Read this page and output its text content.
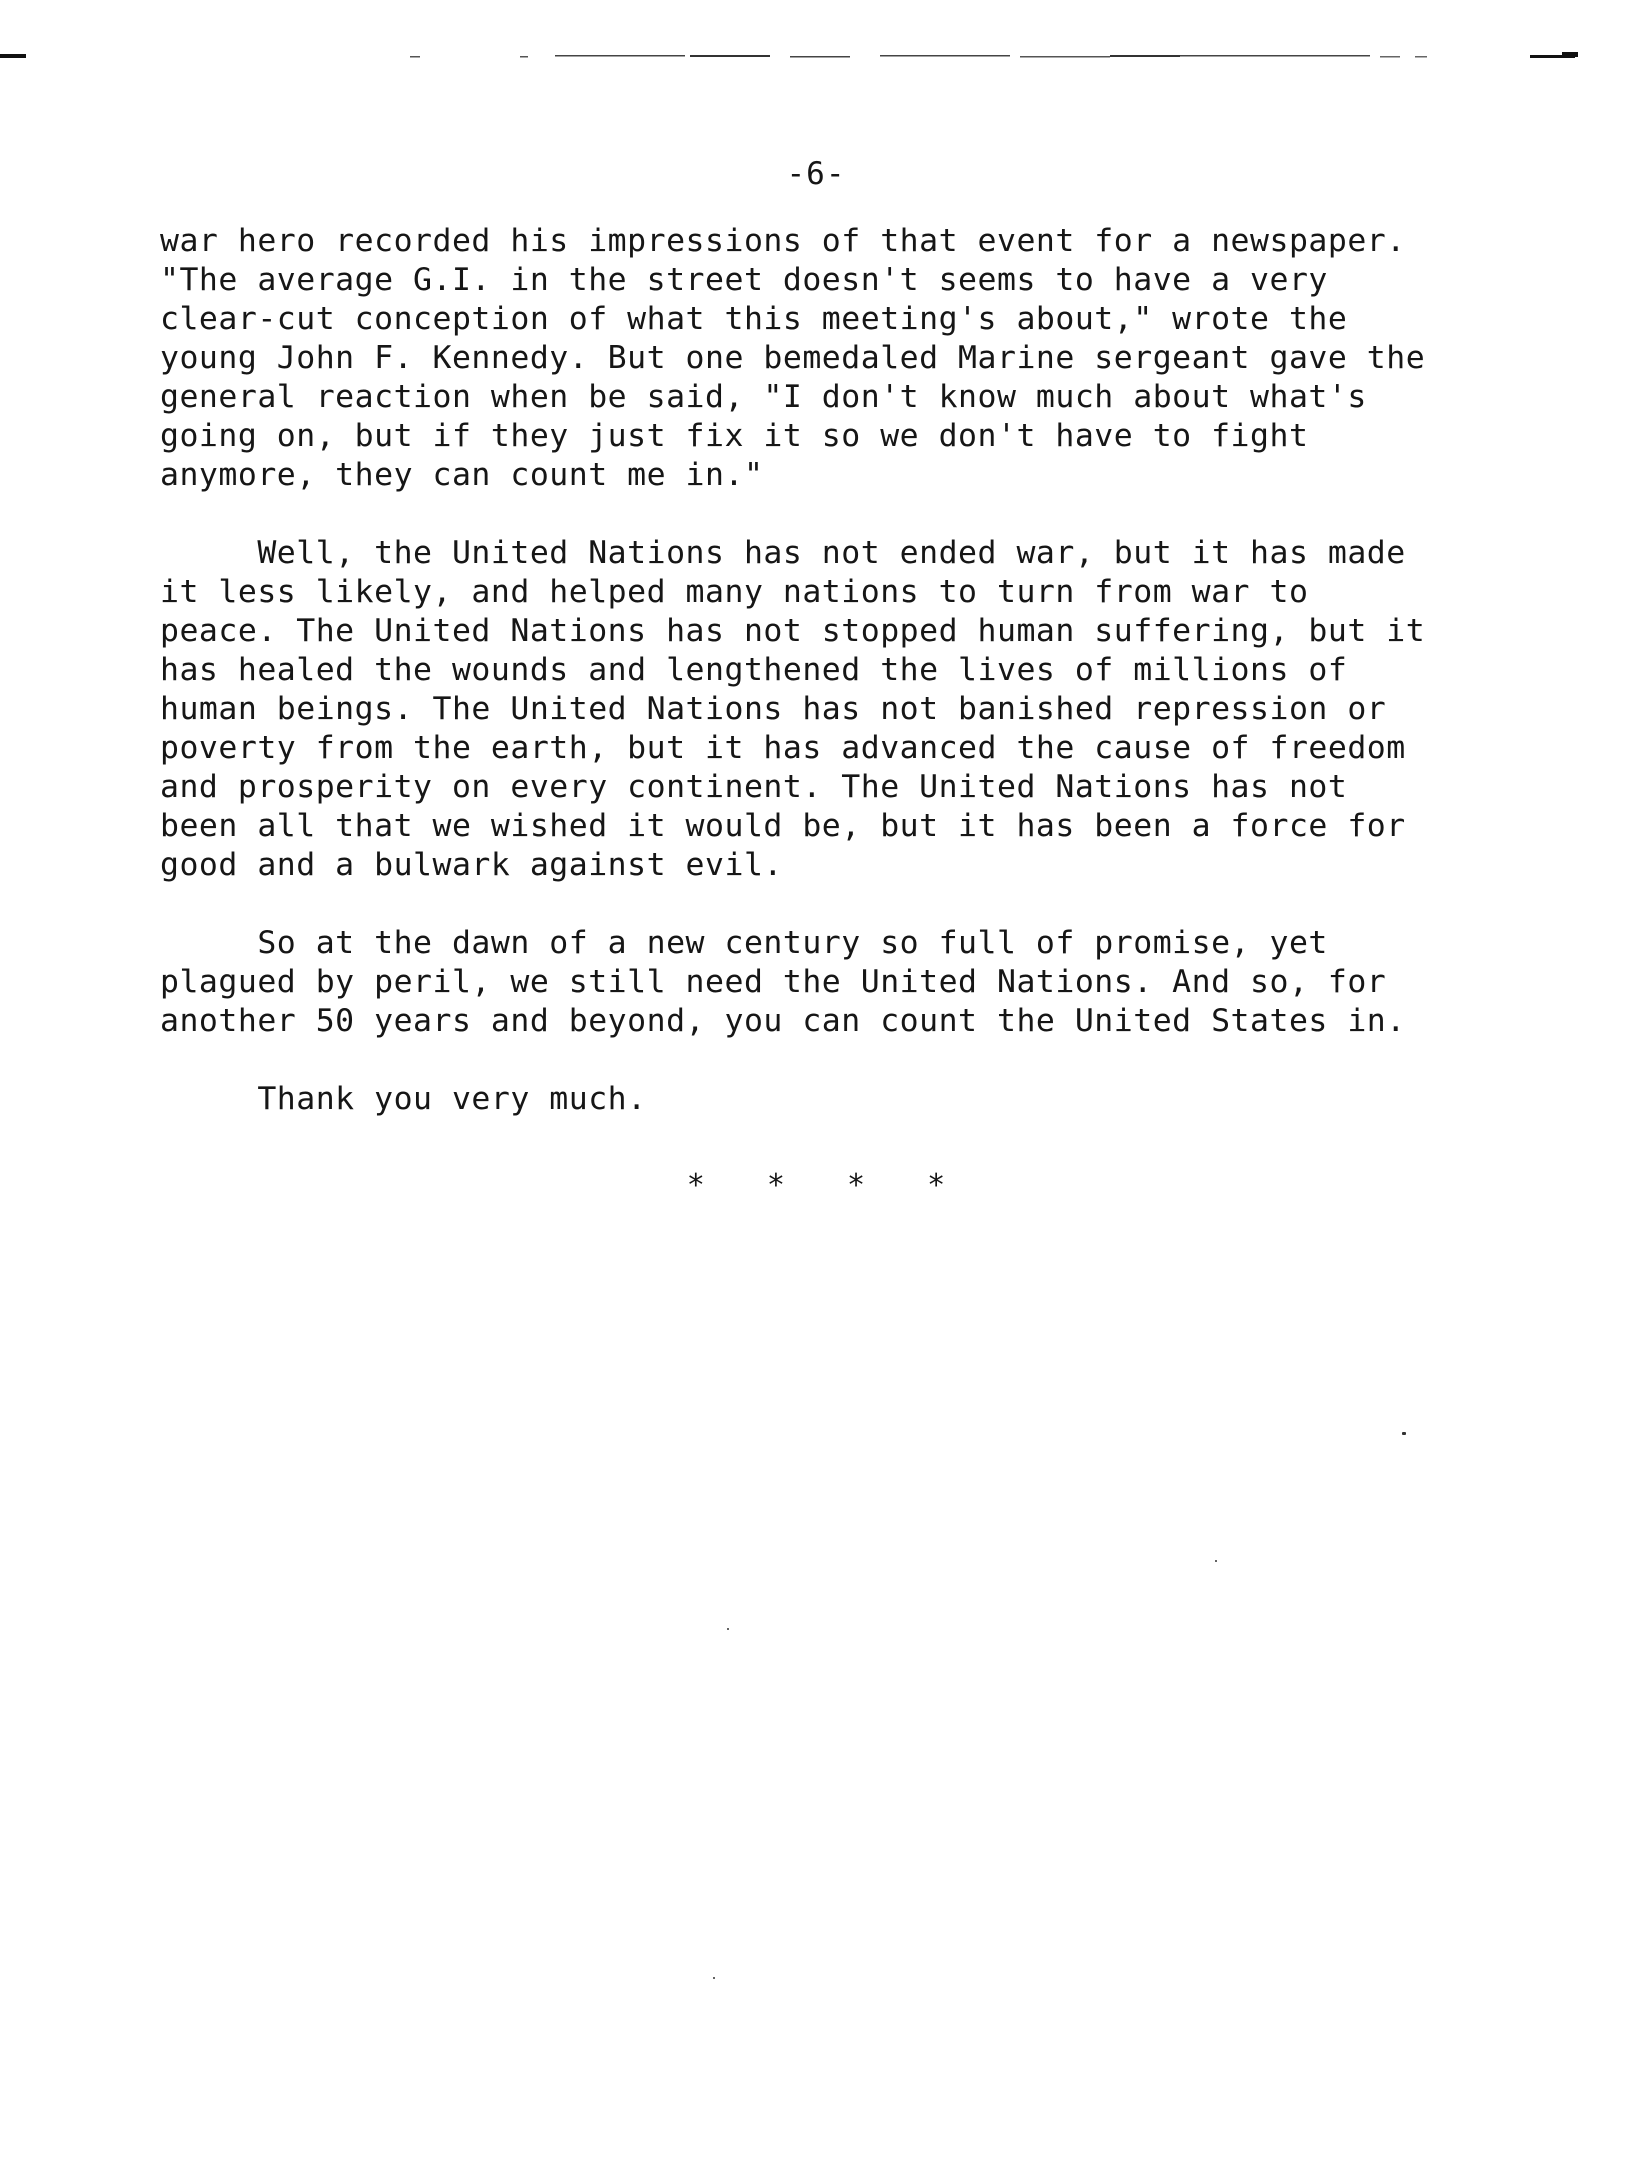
-6-
war hero recorded his impressions of that event for a newspaper.
"The average G.I. in the street doesn't seems to have a very
clear-cut conception of what this meeting's about," wrote the
young John F. Kennedy. But one bemedaled Marine sergeant gave the
general reaction when be said, "I don't know much about what's
going on, but if they just fix it so we don't have to fight
anymore, they can count me in."
Well, the United Nations has not ended war, but it has made
it less likely, and helped many nations to turn from war to
peace. The United Nations has not stopped human suffering, but it
has healed the wounds and lengthened the lives of millions of
human beings. The United Nations has not banished repression or
poverty from the earth, but it has advanced the cause of freedom
and prosperity on every continent. The United Nations has not
been all that we wished it would be, but it has been a force for
good and a bulwark against evil.
So at the dawn of a new century so full of promise, yet
plagued by peril, we still need the United Nations. And so, for
another 50 years and beyond, you can count the United States in.
Thank you very much.
* * * *
